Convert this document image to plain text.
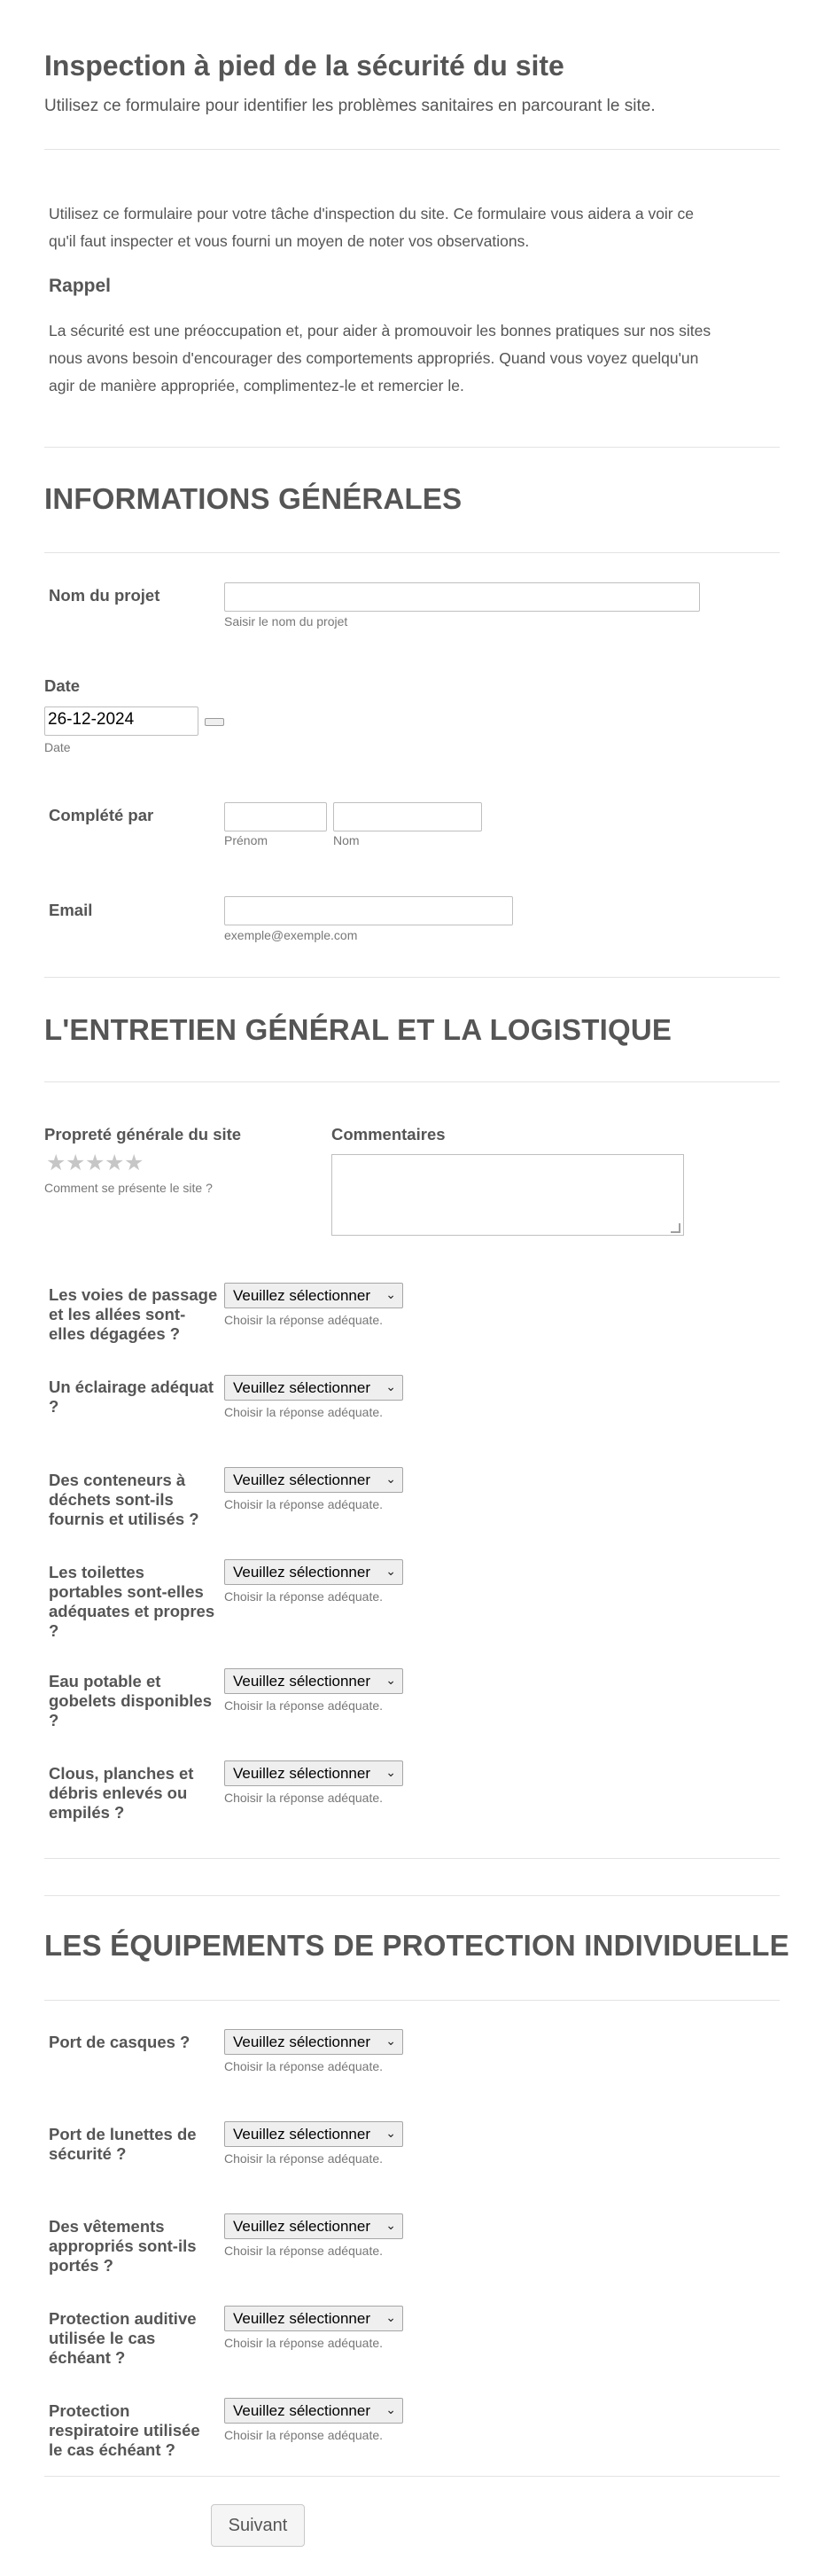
Inspection à pied de la sécurité du site
Utilisez ce formulaire pour identifier les problèmes sanitaires en parcourant le site.
Utilisez ce formulaire pour votre tâche d'inspection du site. Ce formulaire vous aidera a voir ce
qu'il faut inspecter et vous fourni un moyen de noter vos observations.
Rappel
La sécurité est une préoccupation et, pour aider à promouvoir les bonnes pratiques sur nos sites
nous avons besoin d'encourager des comportements appropriés. Quand vous voyez quelqu'un
agir de manière appropriée, complimentez-le et remercier le.
INFORMATIONS GÉNÉRALES
Nom du projet
Saisir le nom du projet
Date
26-12-2024
Date
Complété par
Prénom	Nom
Email
exemple@exemple.com
L'ENTRETIEN GÉNÉRAL ET LA LOGISTIQUE
Propreté générale du site
★ ★ ★ ★ ★
Comment se présente le site ?
Commentaires
Les voies de passage
et les allées sont-
elles dégagées ?
Veuillez sélectionner ⌄
Choisir la réponse adéquate.
Un éclairage adéquat
?
Veuillez sélectionner ⌄
Choisir la réponse adéquate.
Des conteneurs à
déchets sont-ils
fournis et utilisés ?
Veuillez sélectionner ⌄
Choisir la réponse adéquate.
Les toilettes
portables sont-elles
adéquates et propres
?
Veuillez sélectionner ⌄
Choisir la réponse adéquate.
Eau potable et
gobelets disponibles
?
Veuillez sélectionner ⌄
Choisir la réponse adéquate.
Clous, planches et
débris enlevés ou
empilés ?
Veuillez sélectionner ⌄
Choisir la réponse adéquate.
LES ÉQUIPEMENTS DE PROTECTION INDIVIDUELLE
Port de casques ?	Veuillez sélectionner ⌄
Choisir la réponse adéquate.
Port de lunettes de
sécurité ?
Veuillez sélectionner ⌄
Choisir la réponse adéquate.
Des vêtements
appropriés sont-ils
portés ?
Veuillez sélectionner ⌄
Choisir la réponse adéquate.
Protection auditive
utilisée le cas
échéant ?
Veuillez sélectionner ⌄
Choisir la réponse adéquate.
Protection
respiratoire utilisée
le cas échéant ?
Veuillez sélectionner ⌄
Choisir la réponse adéquate.
Suivant
